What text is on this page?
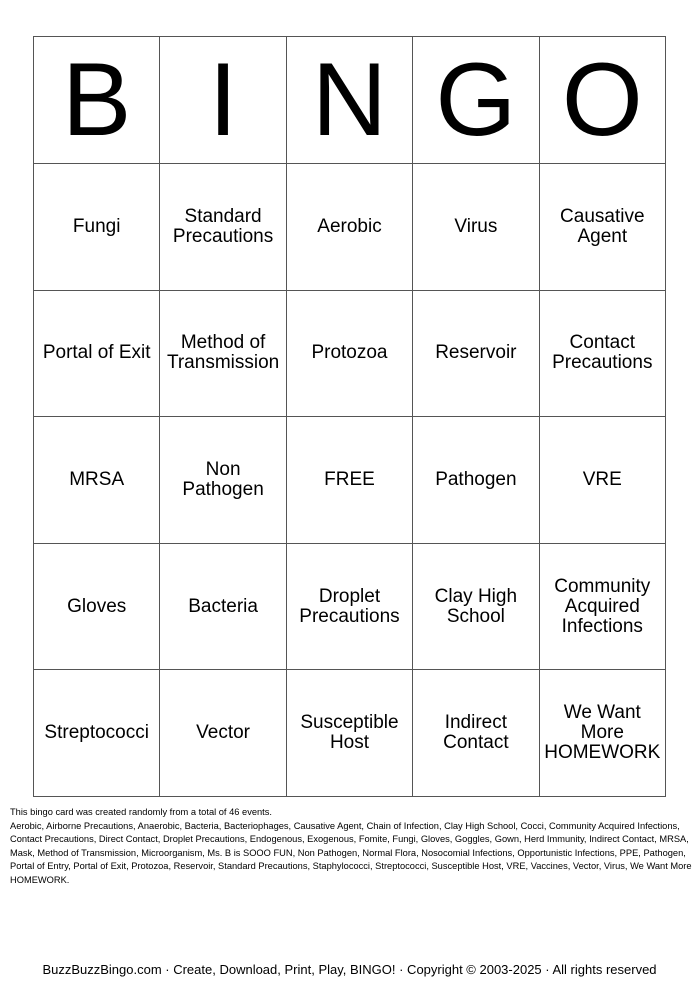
B	I	N	G	O
Fungi	Standard Precautions	Aerobic	Virus	Causative Agent
Portal of Exit	Method of Transmission	Protozoa	Reservoir	Contact Precautions
MRSA	Non Pathogen	FREE	Pathogen	VRE
Gloves	Bacteria	Droplet Precautions	Clay High School	Community Acquired Infections
Streptococci	Vector	Susceptible Host	Indirect Contact	We Want More HOMEWORK

This bingo card was created randomly from a total of 46 events.

Aerobic, Airborne Precautions, Anaerobic, Bacteria, Bacteriophages, Causative Agent, Chain of Infection, Clay High School, Cocci, Community Acquired Infections, Contact Precautions, Direct Contact, Droplet Precautions, Endogenous, Exogenous, Fomite, Fungi, Gloves, Goggles, Gown, Herd Immunity, Indirect Contact, MRSA, Mask, Method of Transmission, Microorganism, Ms. B is SOOO FUN, Non Pathogen, Normal Flora, Nosocomial Infections, Opportunistic Infections, PPE, Pathogen, Portal of Entry, Portal of Exit, Protozoa, Reservoir, Standard Precautions, Staphylococci, Streptococci, Susceptible Host, VRE, Vaccines, Vector, Virus, We Want More HOMEWORK.

BuzzBuzzBingo.com · Create, Download, Print, Play, BINGO! · Copyright © 2003-2025 · All rights reserved
